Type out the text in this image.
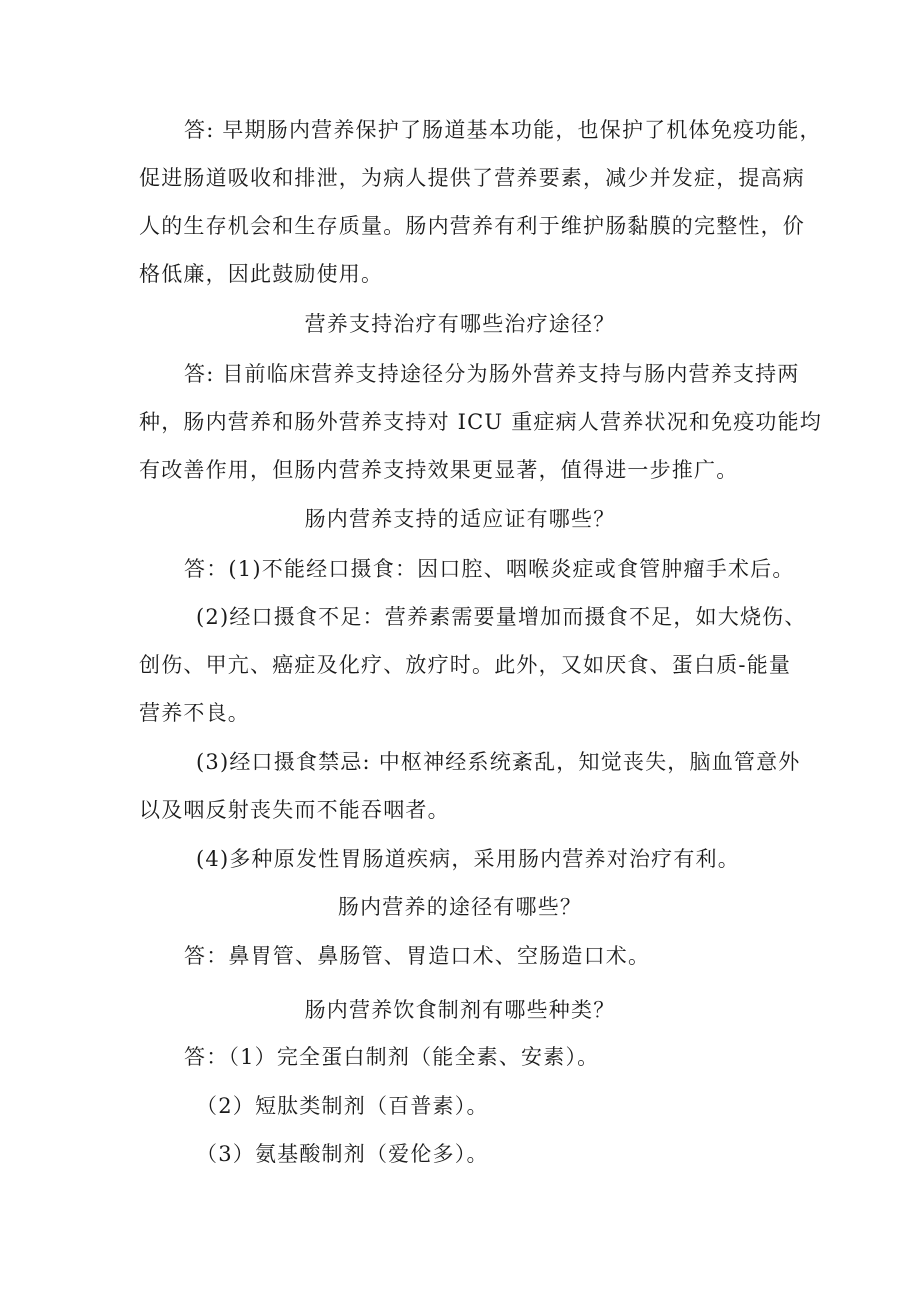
答: 早期肠内营养保护了肠道基本功能，也保护了机体免疫功能，
促进肠道吸收和排泄，为病人提供了营养要素，减少并发症，提高病
人的生存机会和生存质量。肠内营养有利于维护肠黏膜的完整性，价
格低廉，因此鼓励使用。
营养支持治疗有哪些治疗途径？
答: 目前临床营养支持途径分为肠外营养支持与肠内营养支持两
种，肠内营养和肠外营养支持对 ICU 重症病人营养状况和免疫功能均
有改善作用，但肠内营养支持效果更显著，值得进一步推广。
肠内营养支持的适应证有哪些？
答：(1)不能经口摄食：因口腔、咽喉炎症或食管肿瘤手术后。
(2)经口摄食不足：营养素需要量增加而摄食不足，如大烧伤、
创伤、甲亢、癌症及化疗、放疗时。此外，又如厌食、蛋白质-能量
营养不良。
(3)经口摄食禁忌: 中枢神经系统紊乱，知觉丧失，脑血管意外
以及咽反射丧失而不能吞咽者。
(4)多种原发性胃肠道疾病，采用肠内营养对治疗有利。
肠内营养的途径有哪些？
答：鼻胃管、鼻肠管、胃造口术、空肠造口术。
肠内营养饮食制剂有哪些种类？
答：（1）完全蛋白制剂（能全素、安素）。
（2）短肽类制剂（百普素）。
（3）氨基酸制剂（爱伦多）。
